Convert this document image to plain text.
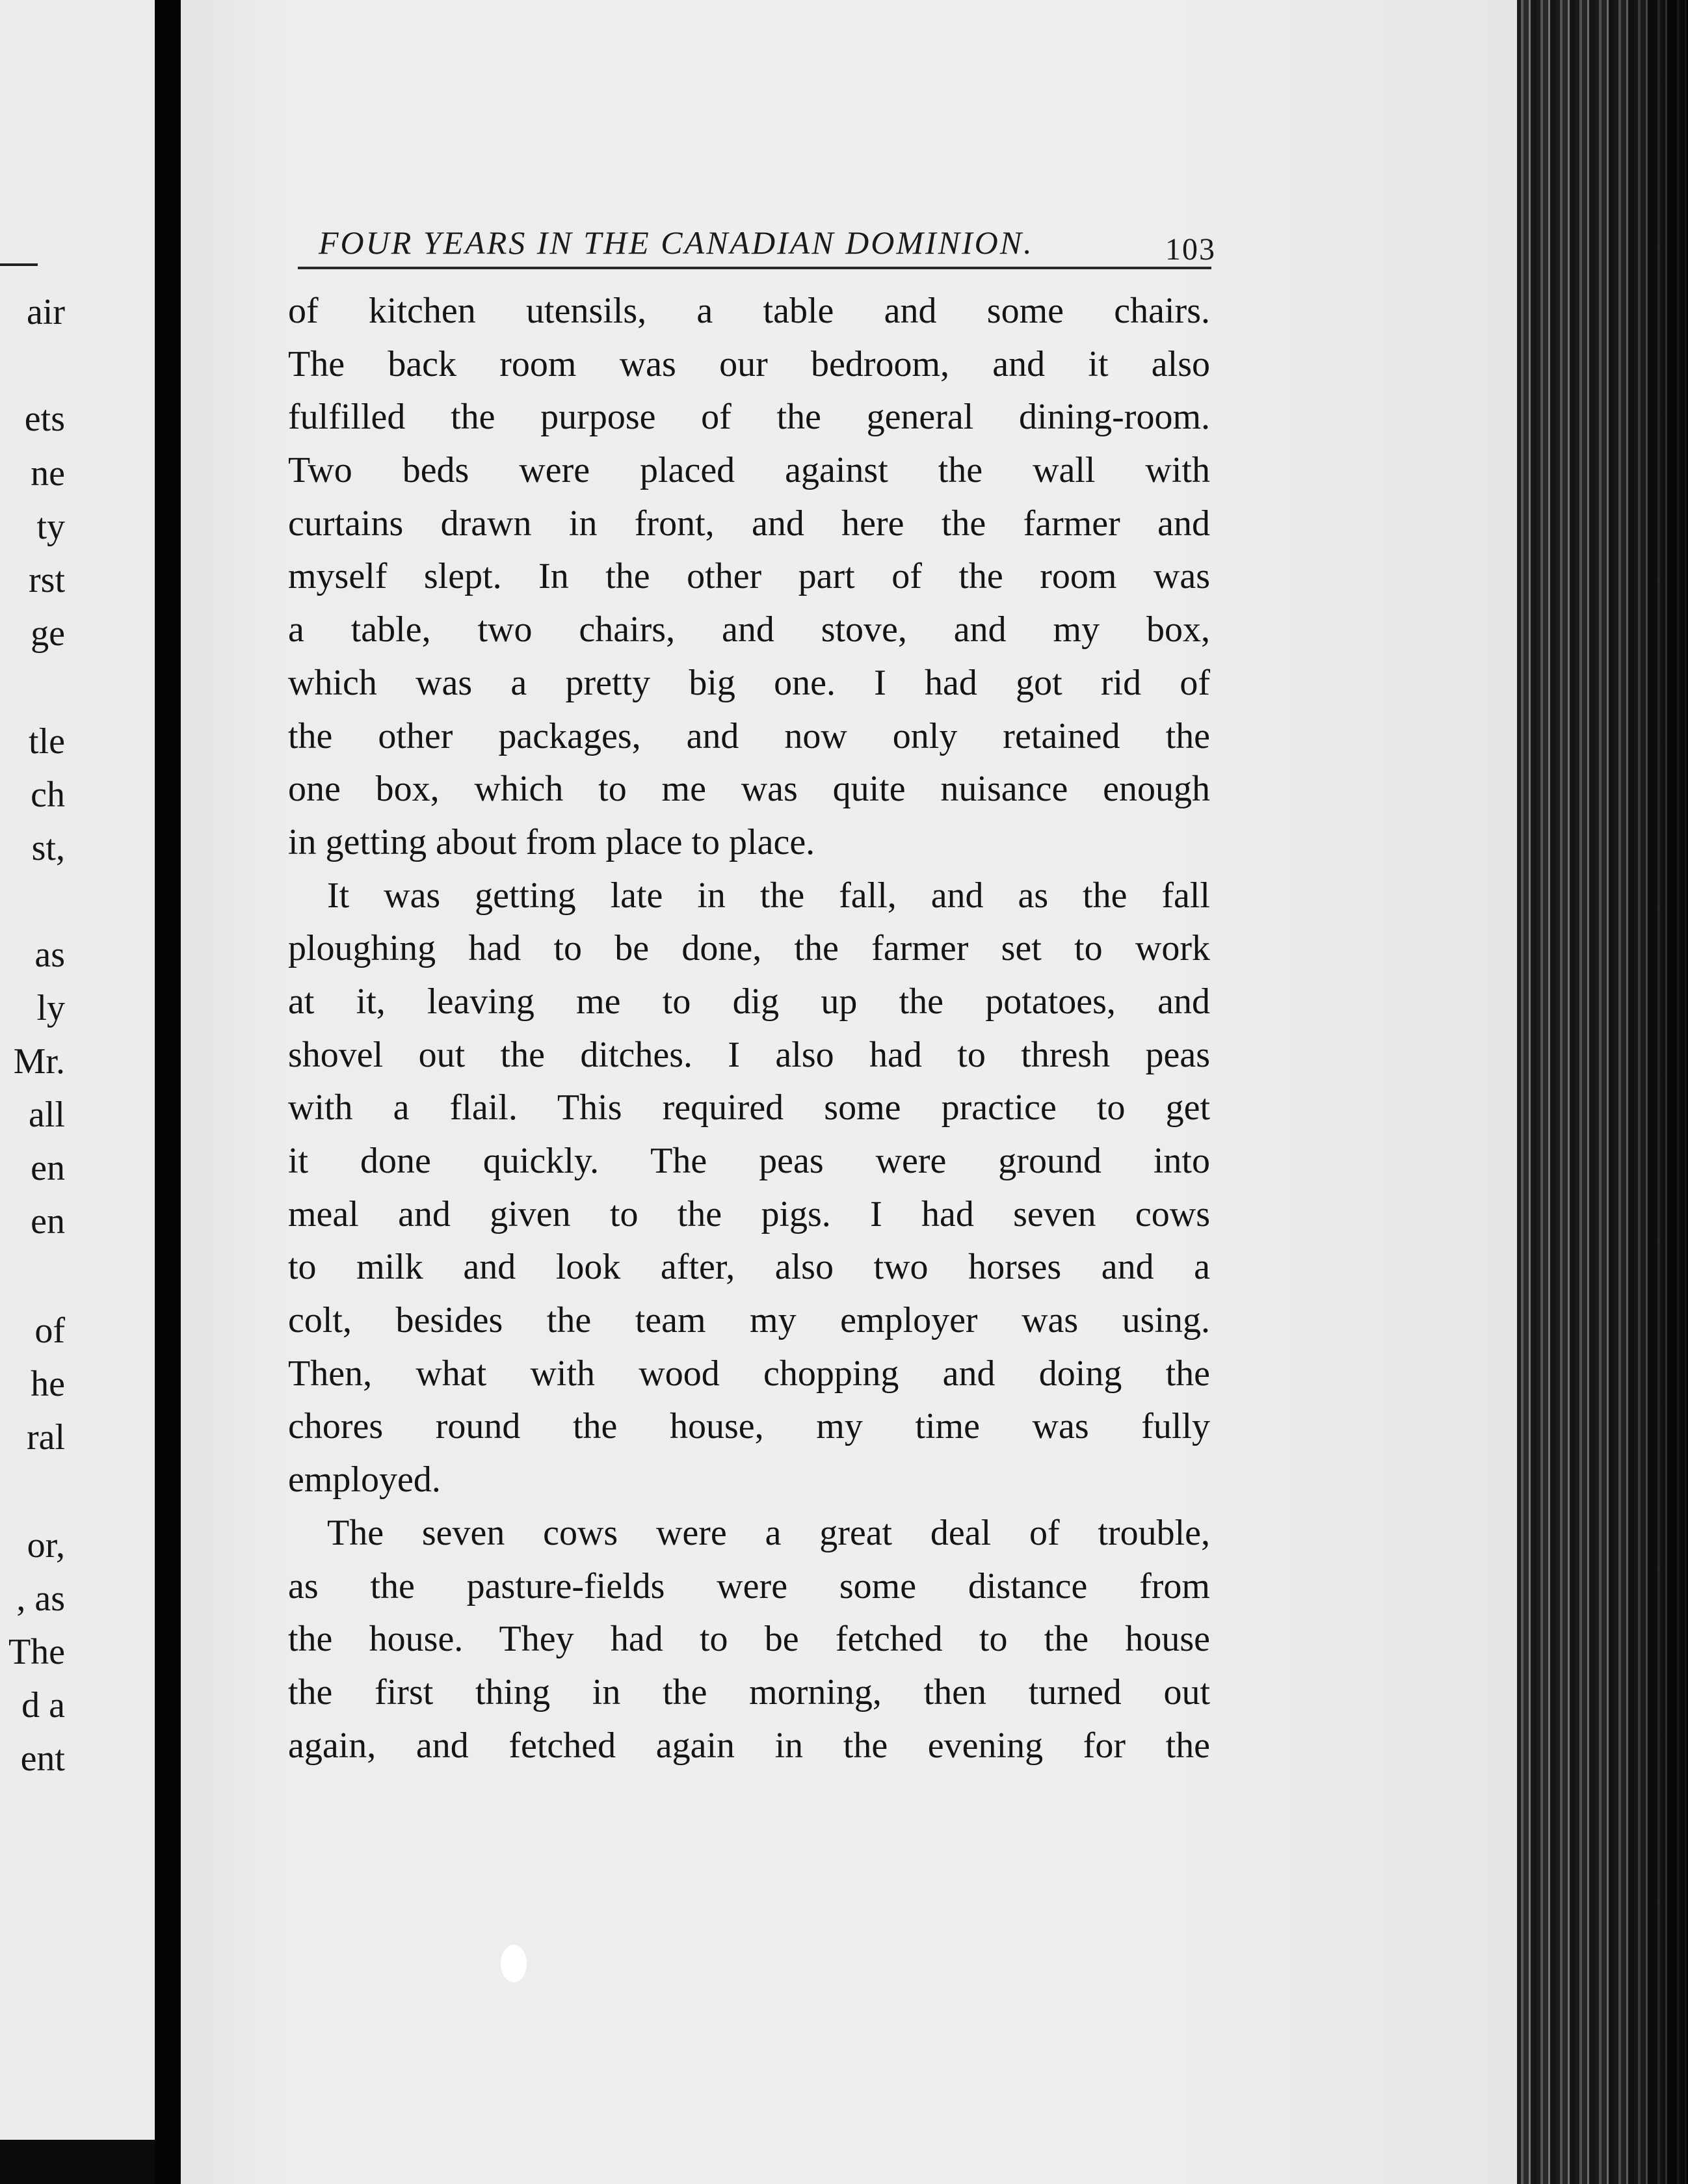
air
ets
ne
ty
rst
ge
tle
ch
st,
as
ly
Mr.
all
en
en
of
he
ral
or,
, as
The
d a
ent
FOUR YEARS IN THE CANADIAN DOMINION.	103
of kitchen utensils, a table and some chairs.
The back room was our bedroom, and it also
fulfilled the purpose of the general dining-room.
Two beds were placed against the wall with
curtains drawn in front, and here the farmer and
myself slept. In the other part of the room was
a table, two chairs, and stove, and my box,
which was a pretty big one. I had got rid of
the other packages, and now only retained the
one box, which to me was quite nuisance enough
in getting about from place to place.
It was getting late in the fall, and as the fall
ploughing had to be done, the farmer set to work
at it, leaving me to dig up the potatoes, and
shovel out the ditches. I also had to thresh peas
with a flail. This required some practice to get
it done quickly. The peas were ground into
meal and given to the pigs. I had seven cows
to milk and look after, also two horses and a
colt, besides the team my employer was using.
Then, what with wood chopping and doing the
chores round the house, my time was fully
employed.
The seven cows were a great deal of trouble,
as the pasture-fields were some distance from
the house. They had to be fetched to the house
the first thing in the morning, then turned out
again, and fetched again in the evening for the
